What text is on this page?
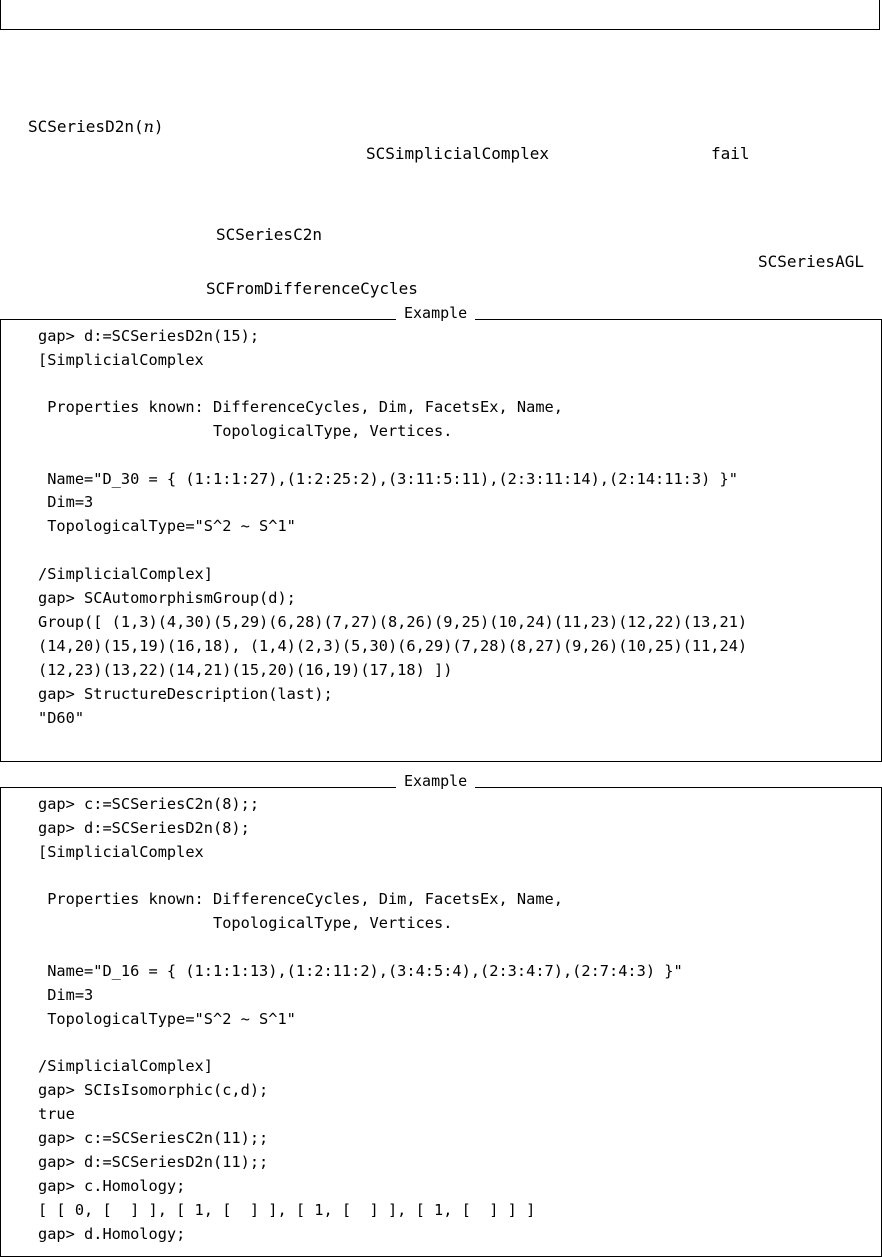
SCSeriesD2n(n)
SCSimplicialComplex	fail
SCSeriesC2n
SCSeriesAGL
SCFromDifferenceCycles
Example
gap> d:=SCSeriesD2n(15);
[SimplicialComplex
Properties known: DifferenceCycles, Dim, FacetsEx, Name,
TopologicalType, Vertices.
Name="D_30 = { (1:1:1:27),(1:2:25:2),(3:11:5:11),(2:3:11:14),(2:14:11:3) }"
Dim=3
TopologicalType="S^2 ~ S^1"
/SimplicialComplex]
gap> SCAutomorphismGroup(d);
Group([ (1,3)(4,30)(5,29)(6,28)(7,27)(8,26)(9,25)(10,24)(11,23)(12,22)(13,21)
(14,20)(15,19)(16,18), (1,4)(2,3)(5,30)(6,29)(7,28)(8,27)(9,26)(10,25)(11,24)
(12,23)(13,22)(14,21)(15,20)(16,19)(17,18) ])
gap> StructureDescription(last);
"D60"
Example
gap> c:=SCSeriesC2n(8);;
gap> d:=SCSeriesD2n(8);
[SimplicialComplex
Properties known: DifferenceCycles, Dim, FacetsEx, Name,
TopologicalType, Vertices.
Name="D_16 = { (1:1:1:13),(1:2:11:2),(3:4:5:4),(2:3:4:7),(2:7:4:3) }"
Dim=3
TopologicalType="S^2 ~ S^1"
/SimplicialComplex]
gap> SCIsIsomorphic(c,d);
true
gap> c:=SCSeriesC2n(11);;
gap> d:=SCSeriesD2n(11);;
gap> c.Homology;
[ [ 0, [  ] ], [ 1, [  ] ], [ 1, [  ] ], [ 1, [  ] ] ]
gap> d.Homology;
